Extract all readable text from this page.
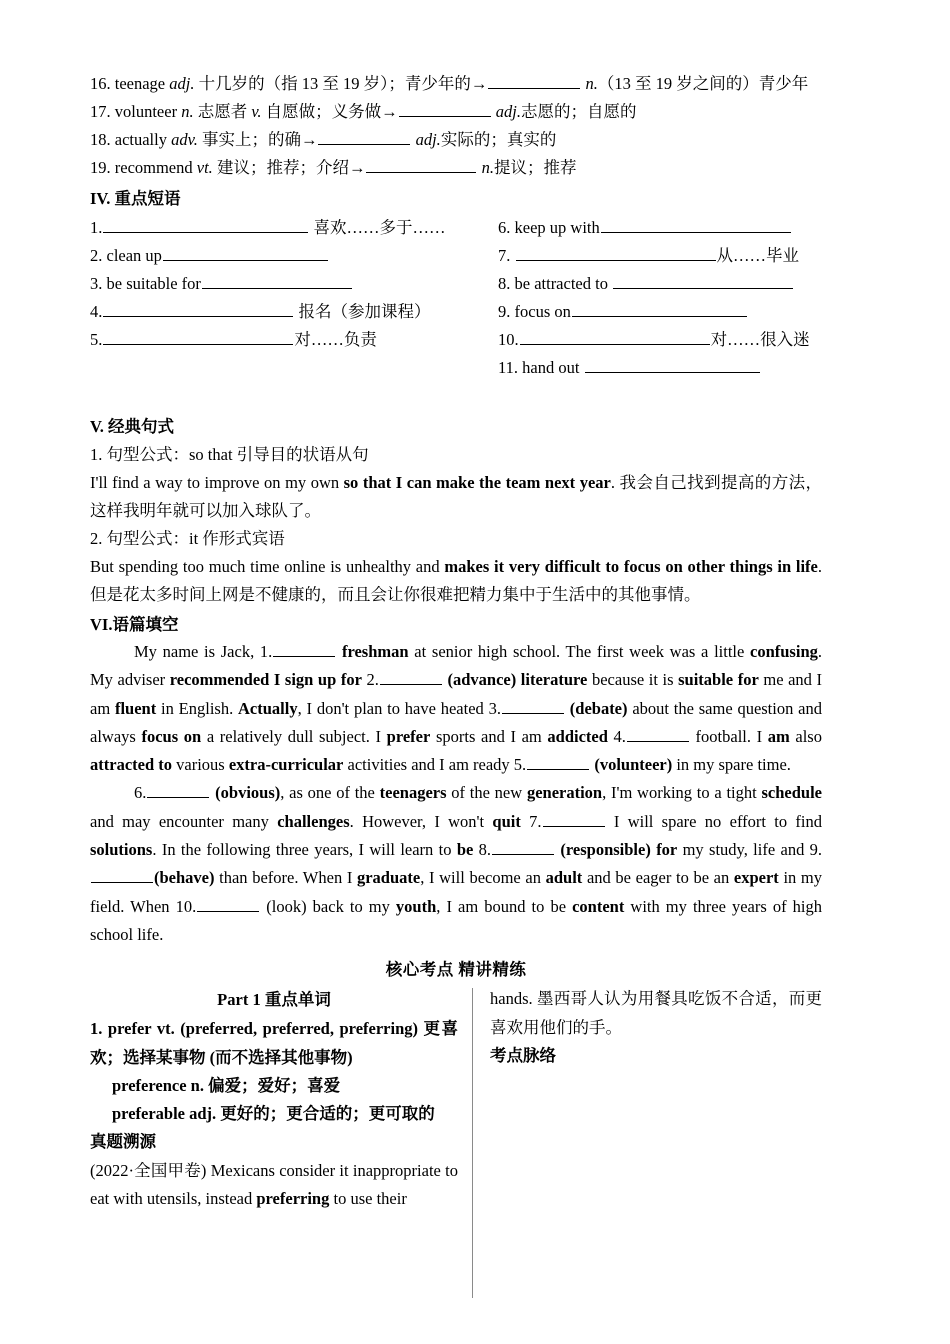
16. teenage adj. 十几岁的（指 13 至 19 岁）；青少年的→	n.（13 至 19 岁之间的）青少年
17. volunteer n. 志愿者 v. 自愿做；义务做→	adj.志愿的；自愿的
18. actually adv. 事实上；的确→	adj.实际的；真实的
19. recommend vt. 建议；推荐；介绍→	n.提议；推荐
IV. 重点短语
1.	喜欢……多于……
2. clean up
3. be suitable for
4.	报名（参加课程）
5.	对……负责
6. keep up with
7.	从……毕业
8. be attracted to
9. focus on
10.	对……很入迷
11. hand out
V. 经典句式
1. 句型公式：so that 引导目的状语从句
I'll find a way to improve on my own so that I can make the team next year. 我会自己找到提高的方法，这样我明年就可以加入球队了。
2. 句型公式：it 作形式宾语
But spending too much time online is unhealthy and makes it very difficult to focus on other things in life. 但是花太多时间上网是不健康的，而且会让你很难把精力集中于生活中的其他事情。
VI.语篇填空

My name is Jack, 1.	freshman at senior high school. The first week was a little confusing. My adviser recommended I sign up for 2.	(advance) literature because it is suitable for me and I am fluent in English. Actually, I don't plan to have heated 3.	(debate) about the same question and always focus on a relatively dull subject. I prefer sports and I am addicted 4.	football. I am also attracted to various extra-curricular activities and I am ready 5.	(volunteer) in my spare time.

6.	(obvious), as one of the teenagers of the new generation, I'm working to a tight schedule and may encounter many challenges. However, I won't quit 7.	I will spare no effort to find solutions. In the following three years, I will learn to be 8.	(responsible) for my study, life and 9.(behave) than before. When I graduate, I will become an adult and be eager to be an expert in my field. When 10.	(look) back to my youth, I am bound to be content with my three years of high school life.

核心考点 精讲精练
Part 1 重点单词
1. prefer vt. (preferred, preferred, preferring) 更喜欢；选择某事物 (而不选择其他事物)
preference n. 偏爱；爱好；喜爱
preferable adj. 更好的；更合适的；更可取的
真题溯源
(2022·全国甲卷) Mexicans consider it inappropriate to eat with utensils, instead preferring to use their
hands. 墨西哥人认为用餐具吃饭不合适，而更喜欢用他们的手。
考点脉络
